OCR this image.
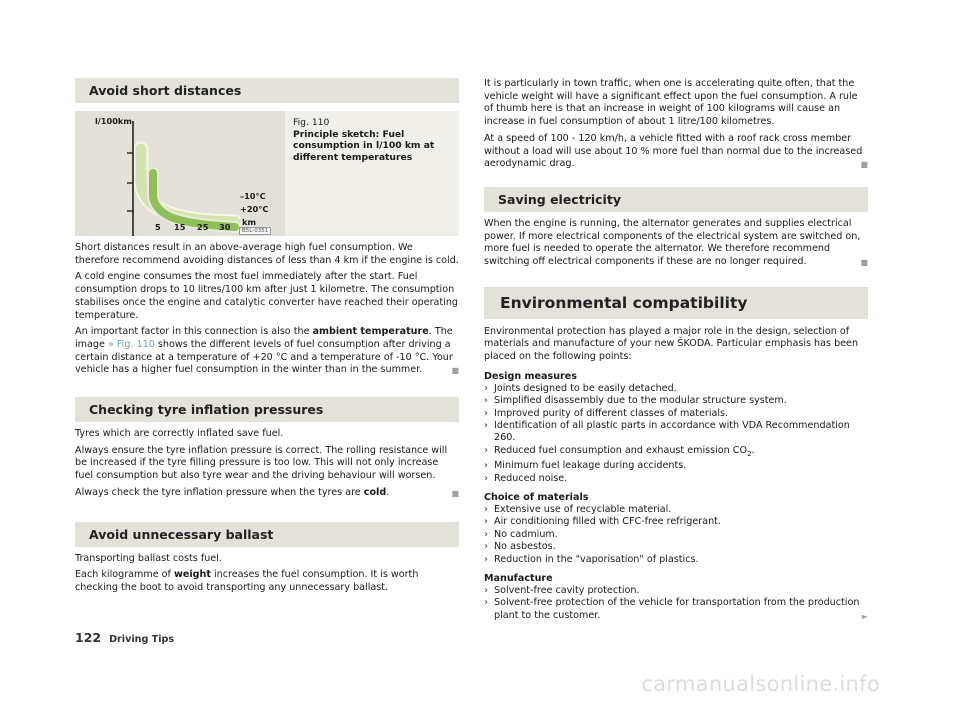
Avoid short distances
l/100km
5 15 25 30
–10°C
+20°C
km
B5L-0351
Fig. 110
Principle sketch: Fuel consumption in l/100 km at different temperatures

Short distances result in an above-average high fuel consumption. We therefore recommend avoiding distances of less than 4 km if the engine is cold.

A cold engine consumes the most fuel immediately after the start. Fuel consumption drops to 10 litres/100 km after just 1 kilometre. The consumption stabilises once the engine and catalytic converter have reached their operating temperature.

An important factor in this connection is also the ambient temperature. The image » Fig. 110 shows the different levels of fuel consumption after driving a certain distance at a temperature of +20 °C and a temperature of -10 °C. Your vehicle has a higher fuel consumption in the winter than in the summer.	■

Checking tyre inflation pressures

Tyres which are correctly inflated save fuel.

Always ensure the tyre inflation pressure is correct. The rolling resistance will be increased if the tyre filling pressure is too low. This will not only increase fuel consumption but also tyre wear and the driving behaviour will worsen.

Always check the tyre inflation pressure when the tyres are cold.	■

Avoid unnecessary ballast

Transporting ballast costs fuel.

Each kilogramme of weight increases the fuel consumption. It is worth checking the boot to avoid transporting any unnecessary ballast.

It is particularly in town traffic, when one is accelerating quite often, that the vehicle weight will have a significant effect upon the fuel consumption. A rule of thumb here is that an increase in weight of 100 kilograms will cause an increase in fuel consumption of about 1 litre/100 kilometres.

At a speed of 100 - 120 km/h, a vehicle fitted with a roof rack cross member without a load will use about 10 % more fuel than normal due to the increased aerodynamic drag.	■

Saving electricity

When the engine is running, the alternator generates and supplies electrical power. If more electrical components of the electrical system are switched on, more fuel is needed to operate the alternator. We therefore recommend switching off electrical components if these are no longer required.	■

Environmental compatibility

Environmental protection has played a major role in the design, selection of materials and manufacture of your new ŠKODA. Particular emphasis has been placed on the following points:

Design measures
› Joints designed to be easily detached.
› Simplified disassembly due to the modular structure system.
› Improved purity of different classes of materials.
› Identification of all plastic parts in accordance with VDA Recommendation 260.
› Reduced fuel consumption and exhaust emission $CO_2$.
› Minimum fuel leakage during accidents.
› Reduced noise.
Choice of materials
› Extensive use of recyclable material.
› Air conditioning filled with CFC-free refrigerant.
› No cadmium.
› No asbestos.
› Reduction in the "vaporisation" of plastics.
Manufacture
› Solvent-free cavity protection.
› Solvent-free protection of the vehicle for transportation from the production plant to the customer.	►
122 Driving Tips
carmanualsonline.info
